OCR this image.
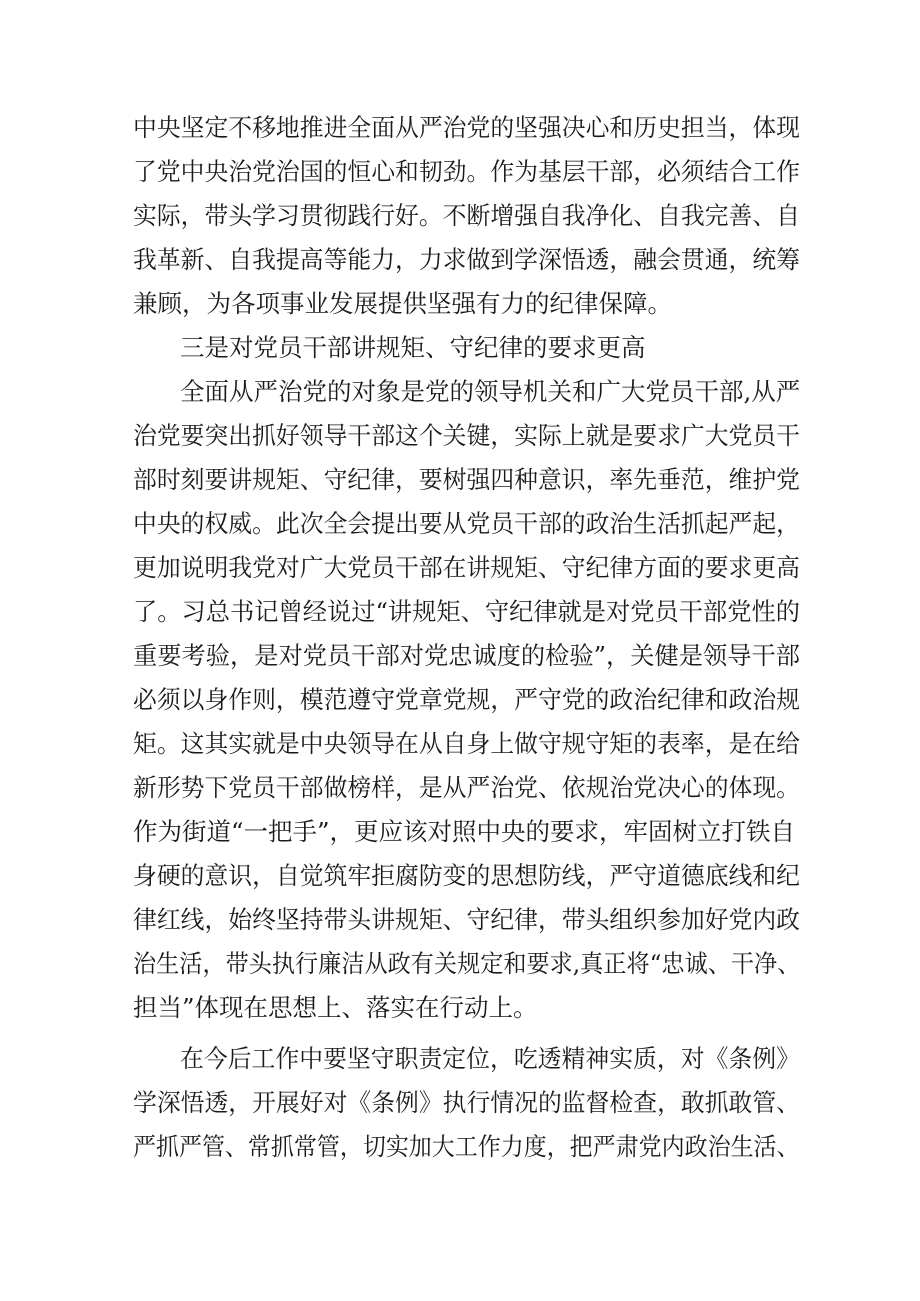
中央坚定不移地推进全面从严治党的坚强决心和历史担当，体现

了党中央治党治国的恒心和韧劲。作为基层干部，必须结合工作

实际，带头学习贯彻践行好。不断增强自我净化、自我完善、自

我革新、自我提高等能力，力求做到学深悟透，融会贯通，统筹

兼顾，为各项事业发展提供坚强有力的纪律保障。

三是对党员干部讲规矩、守纪律的要求更高

全面从严治党的对象是党的领导机关和广大党员干部,从严

治党要突出抓好领导干部这个关键，实际上就是要求广大党员干

部时刻要讲规矩、守纪律，要树强四种意识，率先垂范，维护党

中央的权威。此次全会提出要从党员干部的政治生活抓起严起，

更加说明我党对广大党员干部在讲规矩、守纪律方面的要求更高

了。习总书记曾经说过“讲规矩、守纪律就是对党员干部党性的

重要考验，是对党员干部对党忠诚度的检验”，关健是领导干部

必须以身作则，模范遵守党章党规，严守党的政治纪律和政治规

矩。这其实就是中央领导在从自身上做守规守矩的表率，是在给

新形势下党员干部做榜样，是从严治党、依规治党决心的体现。

作为街道“一把手”，更应该对照中央的要求，牢固树立打铁自

身硬的意识，自觉筑牢拒腐防变的思想防线，严守道德底线和纪

律红线，始终坚持带头讲规矩、守纪律，带头组织参加好党内政

治生活，带头执行廉洁从政有关规定和要求,真正将“忠诚、干净、

担当”体现在思想上、落实在行动上。

在今后工作中要坚守职责定位，吃透精神实质，对《条例》

学深悟透，开展好对《条例》执行情况的监督检查，敢抓敢管、

严抓严管、常抓常管，切实加大工作力度，把严肃党内政治生活、
